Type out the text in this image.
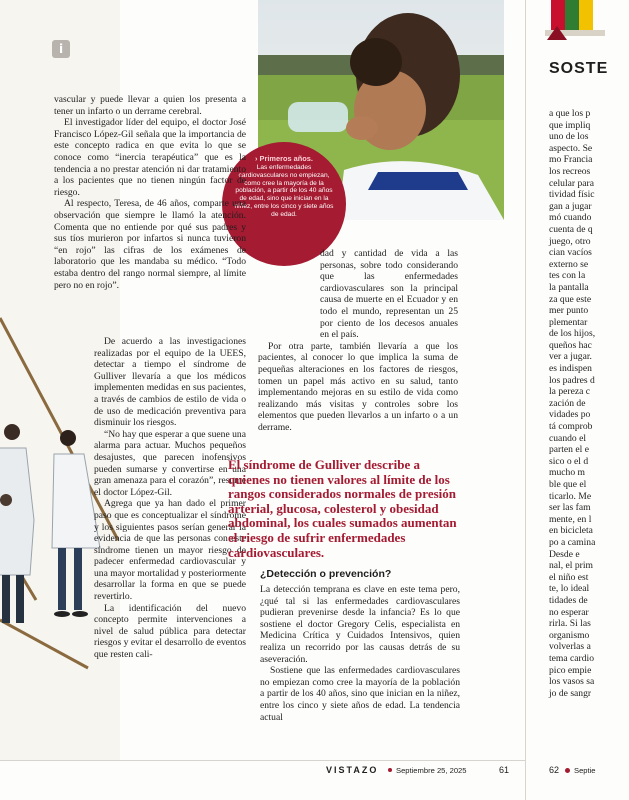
i
› Primeros años.
Las enfermedades cardiovasculares no empiezan, como cree la mayoría de la población, a partir de los 40 años de edad, sino que inician en la niñez, entre los cinco y siete años de edad.

vascular y puede llevar a quien los presenta a tener un infarto o un derrame cerebral.

El investigador líder del equipo, el doctor José Francisco López-Gil señala que la importancia de este concepto radica en que evita lo que se conoce como “inercia terapéutica” que es la tendencia a no prestar atención ni dar tratamiento a los pacientes que no tienen ningún factor de riesgo.

Al respecto, Teresa, de 46 años, comparte una observación que siempre le llamó la atención. Comenta que no entiende por qué sus padres y sus tíos murieron por infartos si nunca tuvieron “en rojo” las cifras de los exámenes de laboratorio que les mandaba su médico. “Todo estaba dentro del rango normal siempre, al límite pero no en rojo”.

De acuerdo a las investigaciones realizadas por el equipo de la UEES, detectar a tiempo el síndrome de Gulliver llevaría a que los médicos implementen medidas en sus pacientes, a través de cambios de estilo de vida o de uso de medicación preventiva para disminuir los riesgos.

“No hay que esperar a que suene una alarma para actuar. Muchos pequeños desajustes, que parecen inofensivos pueden sumarse y convertirse en una gran amenaza para el corazón”, resume el doctor López-Gil.

Agrega que ya han dado el primer paso que es conceptualizar el síndrome y los siguientes pasos serían generar la evidencia de que las personas con este síndrome tienen un mayor riesgo de padecer enfermedad cardiovascular y una mayor mortalidad y posteriormente desarrollar la forma en que se puede revertirlo.

La identificación del nuevo concepto permite intervenciones a nivel de salud pública para detectar riesgos y evitar el desarrollo de eventos que resten cali-

dad y cantidad de vida a las personas, sobre todo considerando que las enfermedades cardiovasculares son la principal causa de muerte en el Ecuador y en todo el mundo, representan un 25 por ciento de los decesos anuales en el país.

Por otra parte, también llevaría a que los pacientes, al conocer lo que implica la suma de pequeñas alteraciones en los factores de riesgos, tomen un papel más activo en su salud, tanto implementando mejoras en su estilo de vida como realizando más visitas y controles sobre los elementos que pueden llevarlos a un infarto o a un derrame.

El síndrome de Gulliver describe a quienes no tienen valores al límite de los rangos considerados normales de presión arterial, glucosa, colesterol y obesidad abdominal, los cuales sumados aumentan el riesgo de sufrir enfermedades cardiovasculares.
¿Detección o prevención?

La detección temprana es clave en este tema pero, ¿qué tal si las enfermedades cardiovasculares pudieran prevenirse desde la infancia? Es lo que sostiene el doctor Gregory Celis, especialista en Medicina Crítica y Cuidados Intensivos, quien realiza un recorrido por las causas detrás de su aseveración.

Sostiene que las enfermedades cardiovasculares no empiezan como cree la mayoría de la población a partir de los 40 años, sino que inician en la niñez, entre los cinco y siete años de edad. La tendencia actual

SOSTE
a que los p
que impliq
uno de los
aspecto. Se
mo Francia
los recreos
celular para
tividad físic
gan a jugar
mó cuando
cuenta de q
juego, otro
cian vacíos
externo se
tes con la
la pantalla
za que este
mer punto
plementar
de los hijos,
queños hac
ver a jugar.
es indispen
los padres d
la pereza c
zación de
vidades po
tá comprob
cuando el
parten el e
sico o el d
mucho m
ble que el
ticarlo. Me
ser las fam
mente, en l
en bicicleta
po a camina
Desde e
nal, el prim
el niño est
te, lo ideal
tidades de
no esperar
rirla. Si las
organismo
volverlas a
tema cardio
pico empie
los vasos sa
jo de sangr
VISTAZO	Septiembre 25, 2025	61	62 Septie
